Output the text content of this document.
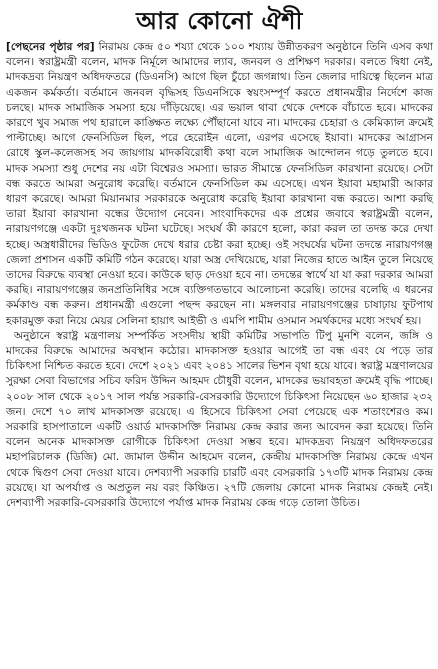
আর কোনো ঐশী

[পেছনের পৃষ্ঠার পর] নিরাময় কেন্দ্র ৫০ শয্যা থেকে ১০০ শয্যায় উন্নীতকরণ অনুষ্ঠানে তিনি এসব কথা বলেন। স্বরাষ্ট্রমন্ত্রী বলেন, মাদক নির্মূলে আমাদের ল্যাব, জনবল ও প্রশিক্ষণ দরকার। বলতে দ্বিধা নেই, মাদকদ্রব্য নিয়ন্ত্রণ অধিদফতরে (ডিএনসি) আগে ছিল চুঁচো জগন্নাথ। তিন জেলার দায়িত্বে ছিলেন মাত্র একজন কর্মকর্তা। বর্তমানে জনবল বৃদ্ধিসহ ডিএনসিকে স্বয়ংসম্পূর্ণ করতে প্রধানমন্ত্রীর নির্দেশে কাজ চলছে। মাদক সামাজিক সমস্যা হয়ে দাঁড়িয়েছে। এর ভয়াল থাবা থেকে দেশকে বাঁচাতে হবে। মাদকের কারণে খুব সমাজ পথ হারালে কাঙ্ক্ষিত লক্ষ্যে পৌঁছানো যাবে না। মাদকের চেহারা ও কেমিক্যাল ক্রমেই পাল্টাচ্ছে। আগে ফেনসিডিল ছিল, পরে হেরোইন এলো, এরপর এসেছে ইয়াবা। মাদকের আগ্রাসন রোধে স্কুল-কলেজসহ সব জায়গায় মাদকবিরোধী কথা বলে সামাজিক আন্দোলন গড়ে তুলতে হবে। মাদক সমস্যা শুধু দেশের নয় এটা বিশ্বেরও সমস্যা। ভারত সীমান্তে ফেনসিডিল কারখানা রয়েছে। সেটা বন্ধ করতে আমরা অনুরোধ করেছি। বর্তমানে ফেনসিডিল কম এসেছে। এখন ইয়াবা মহামারী আকার ধারণ করেছে। আমরা মিয়ানমার সরকারকে অনুরোধ করেছি ইয়াবা কারখানা বন্ধ করতে। আশা করছি তারা ইয়াবা কারখানা বন্ধের উদ্যোগ নেবেন। সাংবাদিকদের এক প্রশ্নের জবাবে স্বরাষ্ট্রমন্ত্রী বলেন, নারায়ণগঞ্জে একটা দুঃখজনক ঘটনা ঘটেছে। সংঘর্ষ কী কারণে হলো, কারা করল তা তদন্ত করে দেখা হচ্ছে। অস্ত্রধারীদের ভিডিও ফুটেজ দেখে ধরার চেষ্টা করা হচ্ছে। ওই সংঘর্ষের ঘটনা তদন্তে নারায়ণগঞ্জ জেলা প্রশাসন একটি কমিটি গঠন করেছে। যারা অস্ত্র দেখিয়েছে, যারা নিজের হাতে আইন তুলে নিয়েছে তাদের বিরুদ্ধে ব্যবস্থা নেওয়া হবে। কাউকে ছাড় দেওয়া হবে না। তদন্তের স্বার্থে যা যা করা দরকার আমরা করছি। নারায়ণগঞ্জের জনপ্রতিনিধির সঙ্গে ব্যক্তিগতভাবে আলোচনা করেছি। তাদের বলেছি এ ধরনের কর্মকাণ্ড বন্ধ করুন। প্রধানমন্ত্রী এগুলো পছন্দ করছেন না। মঙ্গলবার নারায়ণগঞ্জের চাষাঢ়ায় ফুটপাথ হকারমুক্ত করা নিয়ে মেয়র সেলিনা হায়াৎ আইভী ও এমপি শামীম ওসমান সমর্থকদের মধ্যে সংঘর্ষ হয়।

অনুষ্ঠানে স্বরাষ্ট্র মন্ত্রণালয় সম্পর্কিত সংসদীয় স্থায়ী কমিটির সভাপতি টিপু মুনশি বলেন, জঙ্গি ও মাদকের বিরুদ্ধে আমাদের অবস্থান কঠোর। মাদকাসক্ত হওয়ার আগেই তা বন্ধ এবং যে পড়ে তার চিকিৎসা নিশ্চিত করতে হবে। দেশে ২০২১ এবং ২০৪১ সালের ভিশন বৃথা হয়ে যাবে। স্বরাষ্ট্র মন্ত্রণালয়ের সুরক্ষা সেবা বিভাগের সচিব ফরিদ উদ্দিন আহমদ চৌধুরী বলেন, মাদকের ভয়াবহতা ক্রমেই বৃদ্ধি পাচ্ছে। ২০০৮ সাল থেকে ২০১৭ সাল পর্যন্ত সরকারি-বেসরকারি উদ্যোগে চিকিৎসা নিয়েছেন ৬০ হাজার ২৩২ জন। দেশে ৭০ লাখ মাদকাসক্ত রয়েছে। এ হিসেবে চিকিৎসা সেবা পেয়েছে এক শতাংশেরও কম। সরকারি হাসপাতালে একটি ওয়ার্ড মাদকাসক্তি নিরাময় কেন্দ্র করার জন্য আবেদন করা হয়েছে। তিনি বলেন অনেক মাদকাসক্ত রোগীকে চিকিৎসা দেওয়া সম্ভব হবে। মাদকদ্রব্য নিয়ন্ত্রণ অধিদফতরের মহাপরিচালক (ডিজি) মো. জামাল উদ্দীন আহমেদ বলেন, কেন্দ্রীয় মাদকাসক্তি নিরাময় কেন্দ্রে এখন থেকে দ্বিগুণ সেবা দেওয়া যাবে। দেশব্যাপী সরকারি চারটি এবং বেসরকারি ১৭৩টি মাদক নিরাময় কেন্দ্র রয়েছে। যা অপর্যাপ্ত ও অপ্রতুল নয় বরং কিঞ্চিত। ২৭টি জেলায় কোনো মাদক নিরাময় কেন্দ্রই নেই। দেশব্যাপী সরকারি-বেসরকারি উদ্যোগে পর্যাপ্ত মাদক নিরাময় কেন্দ্র গড়ে তোলা উচিত।
